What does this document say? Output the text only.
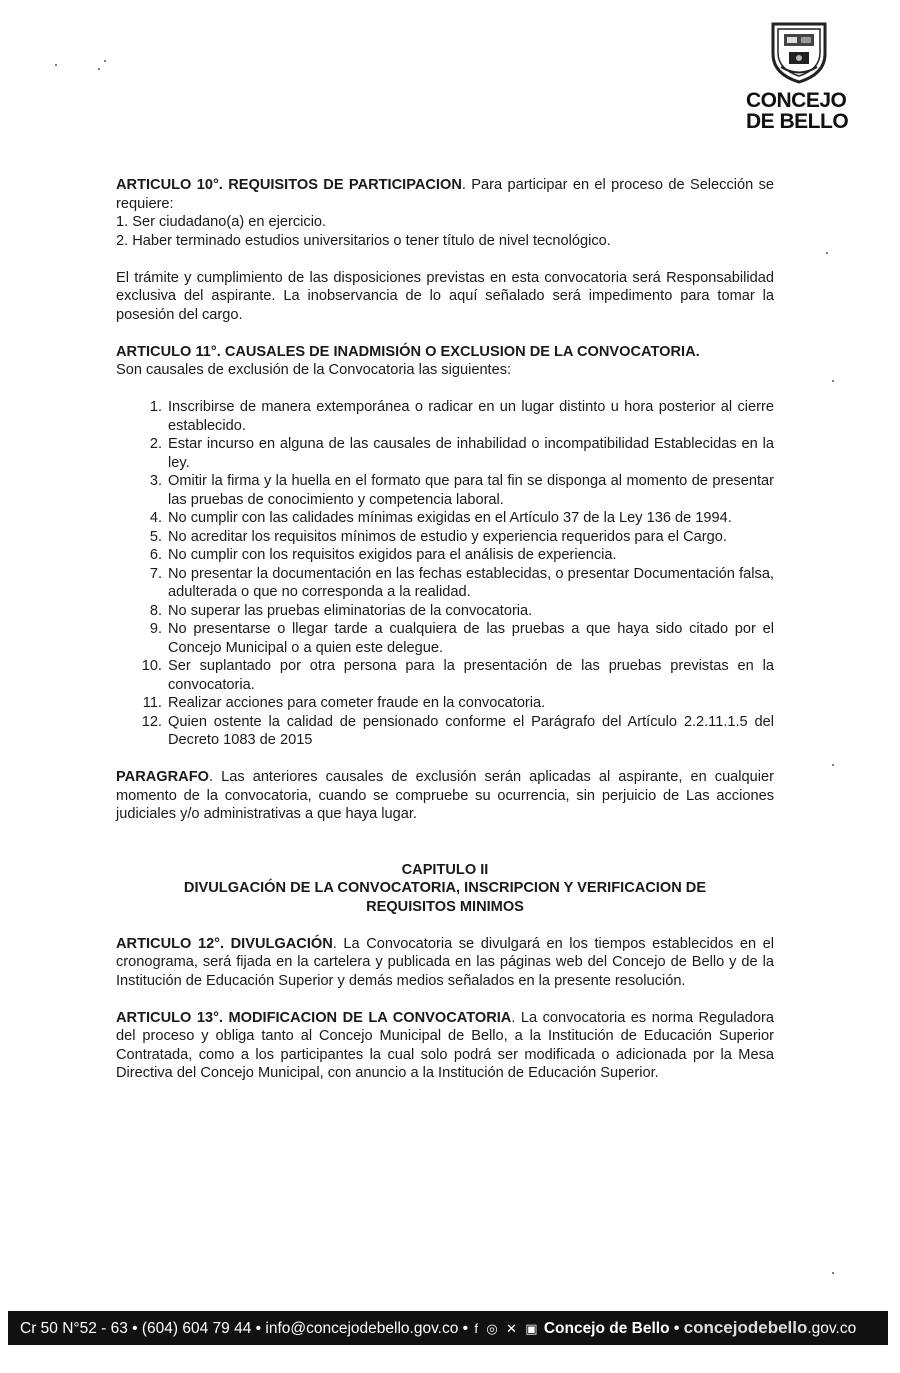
CONCEJO
DE BELLO

ARTICULO 10°. REQUISITOS DE PARTICIPACION. Para participar en el proceso de Selección se requiere:

1. Ser ciudadano(a) en ejercicio.

2. Haber terminado estudios universitarios o tener título de nivel tecnológico.

El trámite y cumplimiento de las disposiciones previstas en esta convocatoria será Responsabilidad exclusiva del aspirante. La inobservancia de lo aquí señalado será impedimento para tomar la posesión del cargo.

ARTICULO 11°. CAUSALES DE INADMISIÓN O EXCLUSION DE LA CONVOCATORIA.

Son causales de exclusión de la Convocatoria las siguientes:

1. Inscribirse de manera extemporánea o radicar en un lugar distinto u hora posterior al cierre establecido.
2. Estar incurso en alguna de las causales de inhabilidad o incompatibilidad Establecidas en la ley.
3. Omitir la firma y la huella en el formato que para tal fin se disponga al momento de presentar las pruebas de conocimiento y competencia laboral.
4. No cumplir con las calidades mínimas exigidas en el Artículo 37 de la Ley 136 de 1994.
5. No acreditar los requisitos mínimos de estudio y experiencia requeridos para el Cargo.
6. No cumplir con los requisitos exigidos para el análisis de experiencia.
7. No presentar la documentación en las fechas establecidas, o presentar Documentación falsa, adulterada o que no corresponda a la realidad.
8. No superar las pruebas eliminatorias de la convocatoria.
9. No presentarse o llegar tarde a cualquiera de las pruebas a que haya sido citado por el Concejo Municipal o a quien este delegue.
10. Ser suplantado por otra persona para la presentación de las pruebas previstas en la convocatoria.
11. Realizar acciones para cometer fraude en la convocatoria.
12. Quien ostente la calidad de pensionado conforme el Parágrafo del Artículo 2.2.11.1.5 del Decreto 1083 de 2015

PARAGRAFO. Las anteriores causales de exclusión serán aplicadas al aspirante, en cualquier momento de la convocatoria, cuando se compruebe su ocurrencia, sin perjuicio de Las acciones judiciales y/o administrativas a que haya lugar.

CAPITULO II

DIVULGACIÓN DE LA CONVOCATORIA, INSCRIPCION Y VERIFICACION DE

REQUISITOS MINIMOS

ARTICULO 12°. DIVULGACIÓN. La Convocatoria se divulgará en los tiempos establecidos en el cronograma, será fijada en la cartelera y publicada en las páginas web del Concejo de Bello y de la Institución de Educación Superior y demás medios señalados en la presente resolución.

ARTICULO 13°. MODIFICACION DE LA CONVOCATORIA. La convocatoria es norma Reguladora del proceso y obliga tanto al Concejo Municipal de Bello, a la Institución de Educación Superior Contratada, como a los participantes la cual solo podrá ser modificada o adicionada por la Mesa Directiva del Concejo Municipal, con anuncio a la Institución de Educación Superior.

Cr 50 N°52 - 63 • (604) 604 79 44 • info@concejodebello.gov.co • f ◎ ✕ ▣ Concejo de Bello • concejodebello.gov.co
